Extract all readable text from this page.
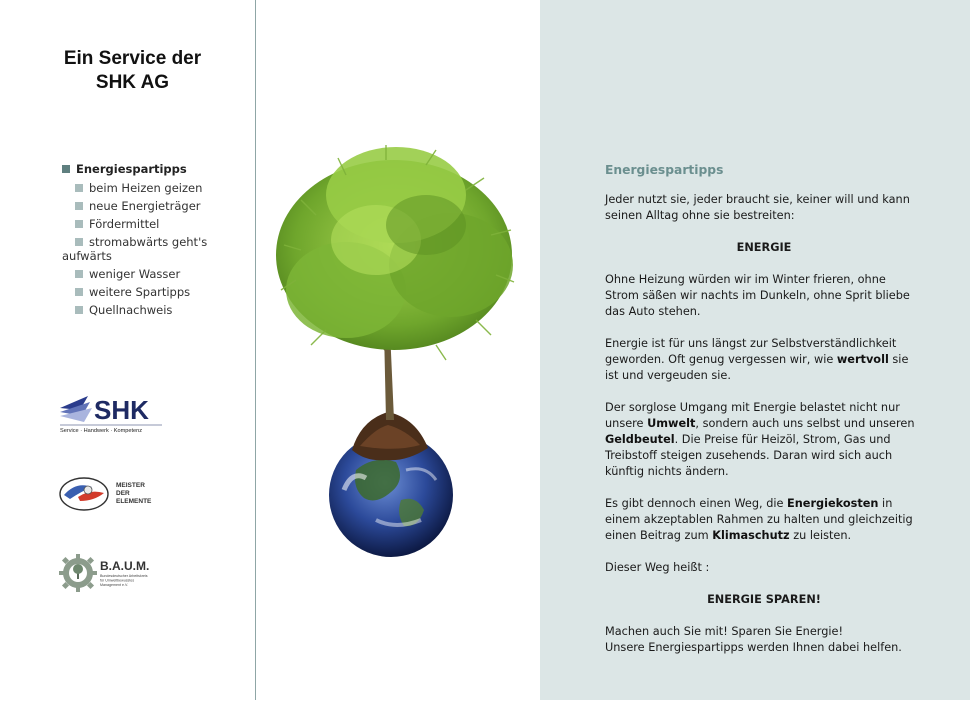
Ein Service der
SHK AG
Energiespartipps
beim Heizen geizen
neue Energieträger
Fördermittel
stromabwärts geht's
aufwärts
weniger Wasser
weitere Spartipps
Quellnachweis
SHK
Service · Handwerk · Kompetenz
MEISTER
DER
ELEMENTE
B.A.U.M.
Bundesdeutscher Arbeitskreis
für Umweltbewusstes
Management e.V.
Energiespartipps

Jeder nutzt sie, jeder braucht sie, keiner will und kann seinen Alltag ohne sie bestreiten:

ENERGIE

Ohne Heizung würden wir im Winter frieren, ohne Strom säßen wir nachts im Dunkeln, ohne Sprit bliebe das Auto stehen.

Energie ist für uns längst zur Selbstverständlichkeit geworden. Oft genug vergessen wir, wie wertvoll sie ist und vergeuden sie.

Der sorglose Umgang mit Energie belastet nicht nur unsere Umwelt, sondern auch uns selbst und unseren Geldbeutel. Die Preise für Heizöl, Strom, Gas und Treibstoff steigen zusehends. Daran wird sich auch künftig nichts ändern.

Es gibt dennoch einen Weg, die Energiekosten in einem akzeptablen Rahmen zu halten und gleichzeitig einen Beitrag zum Klimaschutz zu leisten.

Dieser Weg heißt :

ENERGIE SPAREN!

Machen auch Sie mit! Sparen Sie Energie!
Unsere Energiespartipps werden Ihnen dabei helfen.
